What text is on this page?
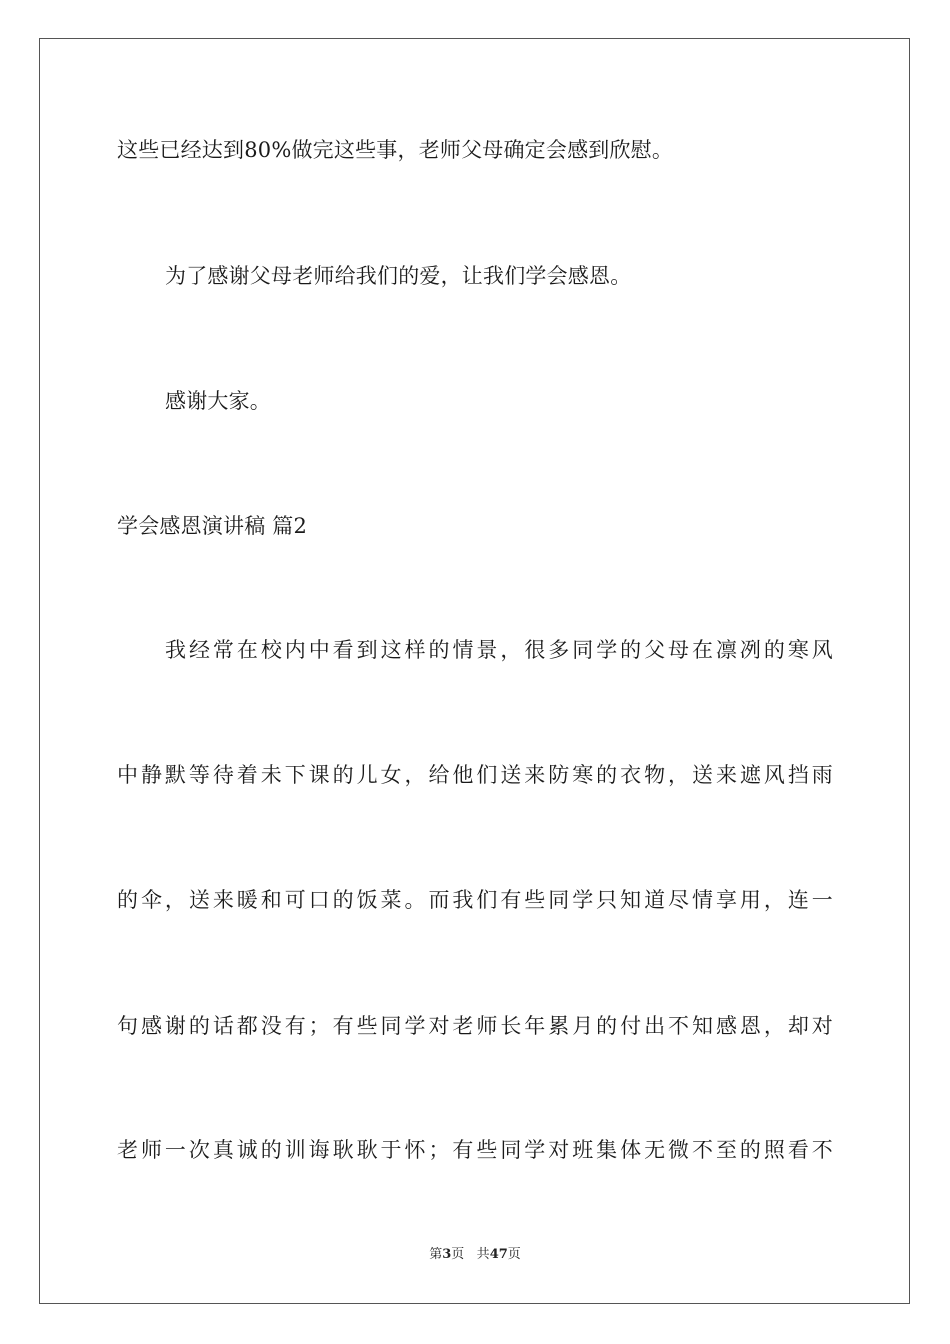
这些已经达到80%做完这些事，老师父母确定会感到欣慰。
为了感谢父母老师给我们的爱，让我们学会感恩。
感谢大家。
学会感恩演讲稿 篇2
我经常在校内中看到这样的情景，很多同学的父母在凛冽的寒风
中静默等待着未下课的儿女，给他们送来防寒的衣物，送来遮风挡雨
的伞，送来暖和可口的饭菜。而我们有些同学只知道尽情享用，连一
句感谢的话都没有；有些同学对老师长年累月的付出不知感恩，却对
老师一次真诚的训诲耿耿于怀；有些同学对班集体无微不至的照看不
第3页 共47页
